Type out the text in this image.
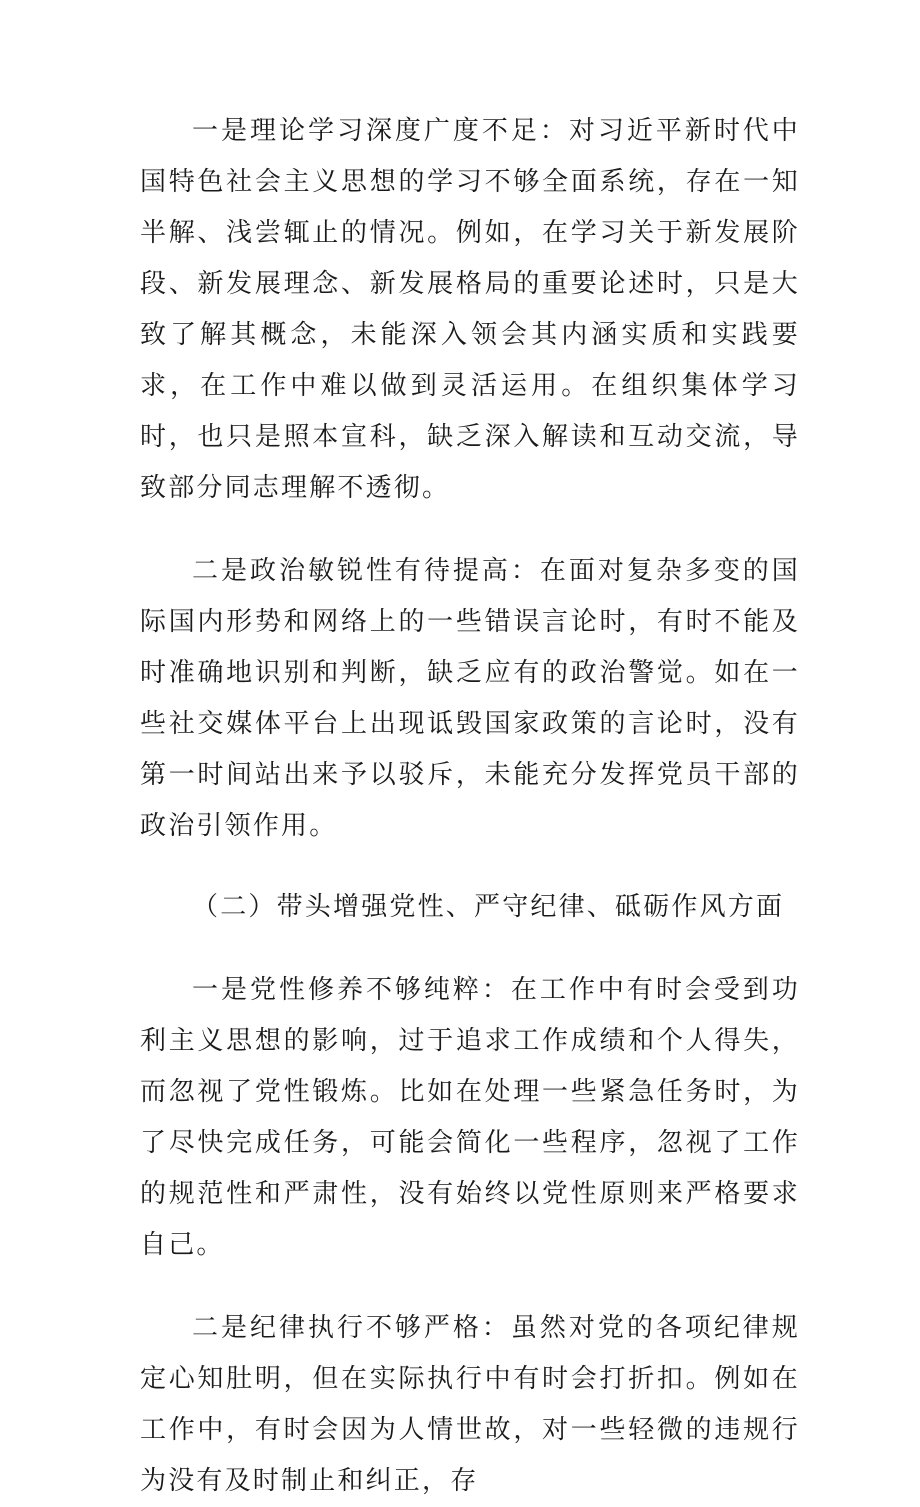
一是理论学习深度广度不足：对习近平新时代中国特色社会主义思想的学习不够全面系统，存在一知半解、浅尝辄止的情况。例如，在学习关于新发展阶段、新发展理念、新发展格局的重要论述时，只是大致了解其概念，未能深入领会其内涵实质和实践要求，在工作中难以做到灵活运用。在组织集体学习时，也只是照本宣科，缺乏深入解读和互动交流，导致部分同志理解不透彻。

二是政治敏锐性有待提高：在面对复杂多变的国际国内形势和网络上的一些错误言论时，有时不能及时准确地识别和判断，缺乏应有的政治警觉。如在一些社交媒体平台上出现诋毁国家政策的言论时，没有第一时间站出来予以驳斥，未能充分发挥党员干部的政治引领作用。

（二）带头增强党性、严守纪律、砥砺作风方面

一是党性修养不够纯粹：在工作中有时会受到功利主义思想的影响，过于追求工作成绩和个人得失，而忽视了党性锻炼。比如在处理一些紧急任务时，为了尽快完成任务，可能会简化一些程序，忽视了工作的规范性和严肃性，没有始终以党性原则来严格要求自己。

二是纪律执行不够严格：虽然对党的各项纪律规定心知肚明，但在实际执行中有时会打折扣。例如在工作中，有时会因为人情世故，对一些轻微的违规行为没有及时制止和纠正，存
